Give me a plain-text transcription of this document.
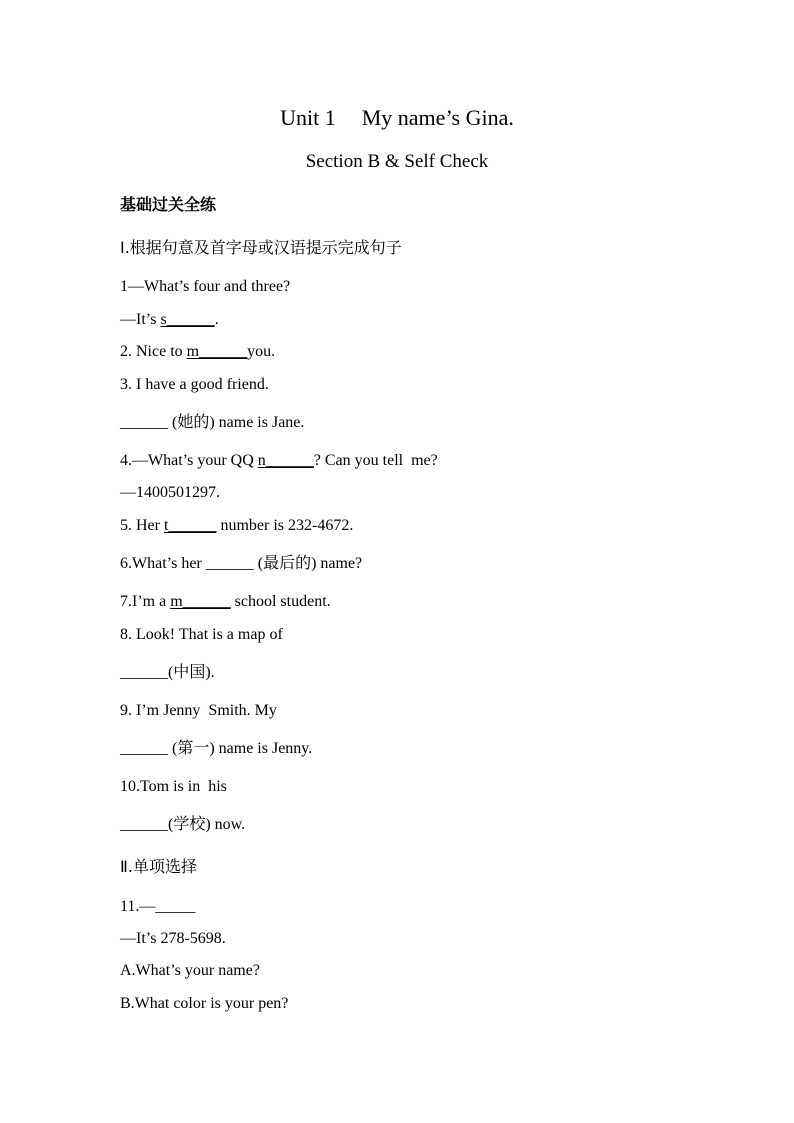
Unit 1 My name’s Gina.
Section B & Self Check
基础过关全练
Ⅰ.根据句意及首字母或汉语提示完成句子
1—What’s four and three?
—It’s s______.
2. Nice to m______you.
3. I have a good friend.
______ (她的) name is Jane.
4.—What’s your QQ n______? Can you tell  me?
—1400501297.
5. Her t______ number is 232-4672.
6.What’s her ______ (最后的) name?
7.I’m a m______ school student.
8. Look! That is a map of
______(中国).
9. I’m Jenny  Smith. My
______ (第一) name is Jenny.
10.Tom is in  his
______(学校) now.
Ⅱ.单项选择
11.—_____
—It’s 278-5698.
A.What’s your name?
B.What color is your pen?
